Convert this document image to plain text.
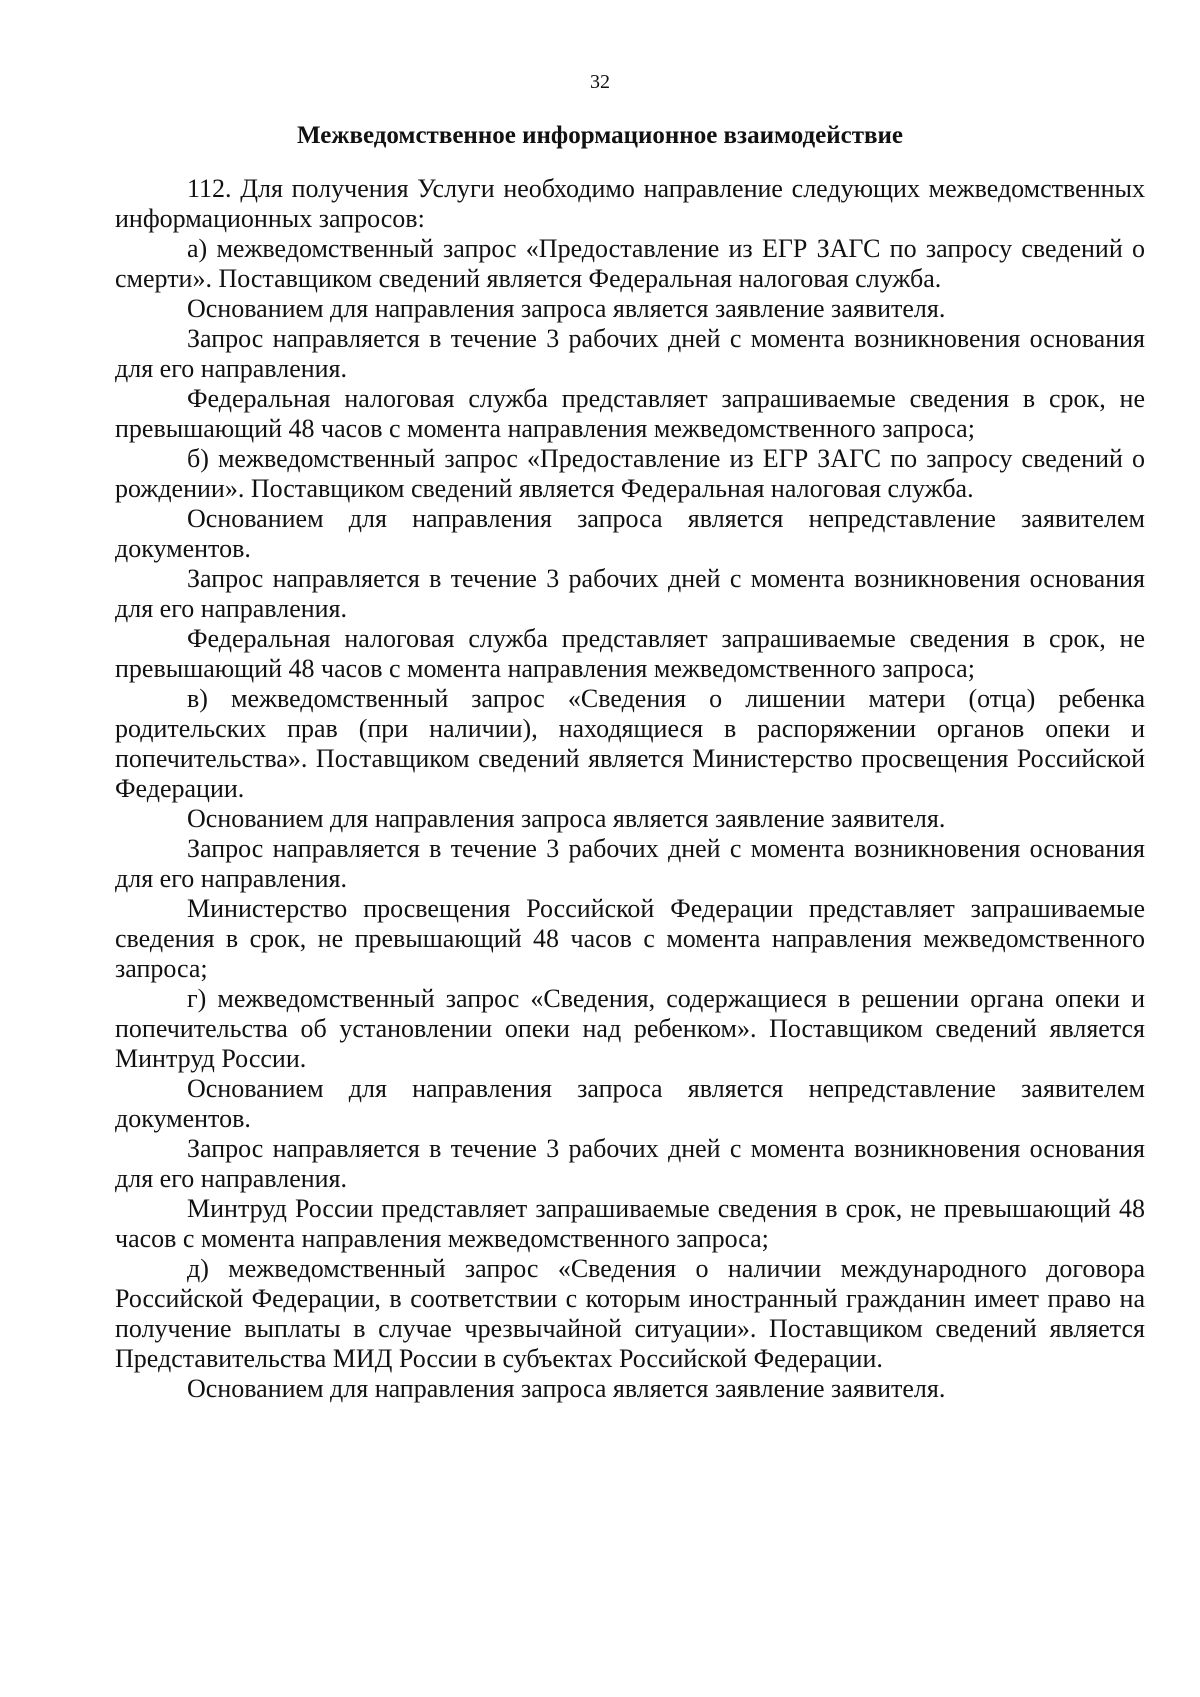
32
Межведомственное информационное взаимодействие

112. Для получения Услуги необходимо направление следующих межведомственных информационных запросов:

а) межведомственный запрос «Предоставление из ЕГР ЗАГС по запросу сведений о смерти». Поставщиком сведений является Федеральная налоговая служба.

Основанием для направления запроса является заявление заявителя.

Запрос направляется в течение 3 рабочих дней с момента возникновения основания для его направления.

Федеральная налоговая служба представляет запрашиваемые сведения в срок, не превышающий 48 часов с момента направления межведомственного запроса;

б) межведомственный запрос «Предоставление из ЕГР ЗАГС по запросу сведений о рождении». Поставщиком сведений является Федеральная налоговая служба.

Основанием для направления запроса является непредставление заявителем документов.

Запрос направляется в течение 3 рабочих дней с момента возникновения основания для его направления.

Федеральная налоговая служба представляет запрашиваемые сведения в срок, не превышающий 48 часов с момента направления межведомственного запроса;

в) межведомственный запрос «Сведения о лишении матери (отца) ребенка родительских прав (при наличии), находящиеся в распоряжении органов опеки и попечительства». Поставщиком сведений является Министерство просвещения Российской Федерации.

Основанием для направления запроса является заявление заявителя.

Запрос направляется в течение 3 рабочих дней с момента возникновения основания для его направления.

Министерство просвещения Российской Федерации представляет запрашиваемые сведения в срок, не превышающий 48 часов с момента направления межведомственного запроса;

г) межведомственный запрос «Сведения, содержащиеся в решении органа опеки и попечительства об установлении опеки над ребенком». Поставщиком сведений является Минтруд России.

Основанием для направления запроса является непредставление заявителем документов.

Запрос направляется в течение 3 рабочих дней с момента возникновения основания для его направления.

Минтруд России представляет запрашиваемые сведения в срок, не превышающий 48 часов с момента направления межведомственного запроса;

д) межведомственный запрос «Сведения о наличии международного договора Российской Федерации, в соответствии с которым иностранный гражданин имеет право на получение выплаты в случае чрезвычайной ситуации». Поставщиком сведений является Представительства МИД России в субъектах Российской Федерации.

Основанием для направления запроса является заявление заявителя.
